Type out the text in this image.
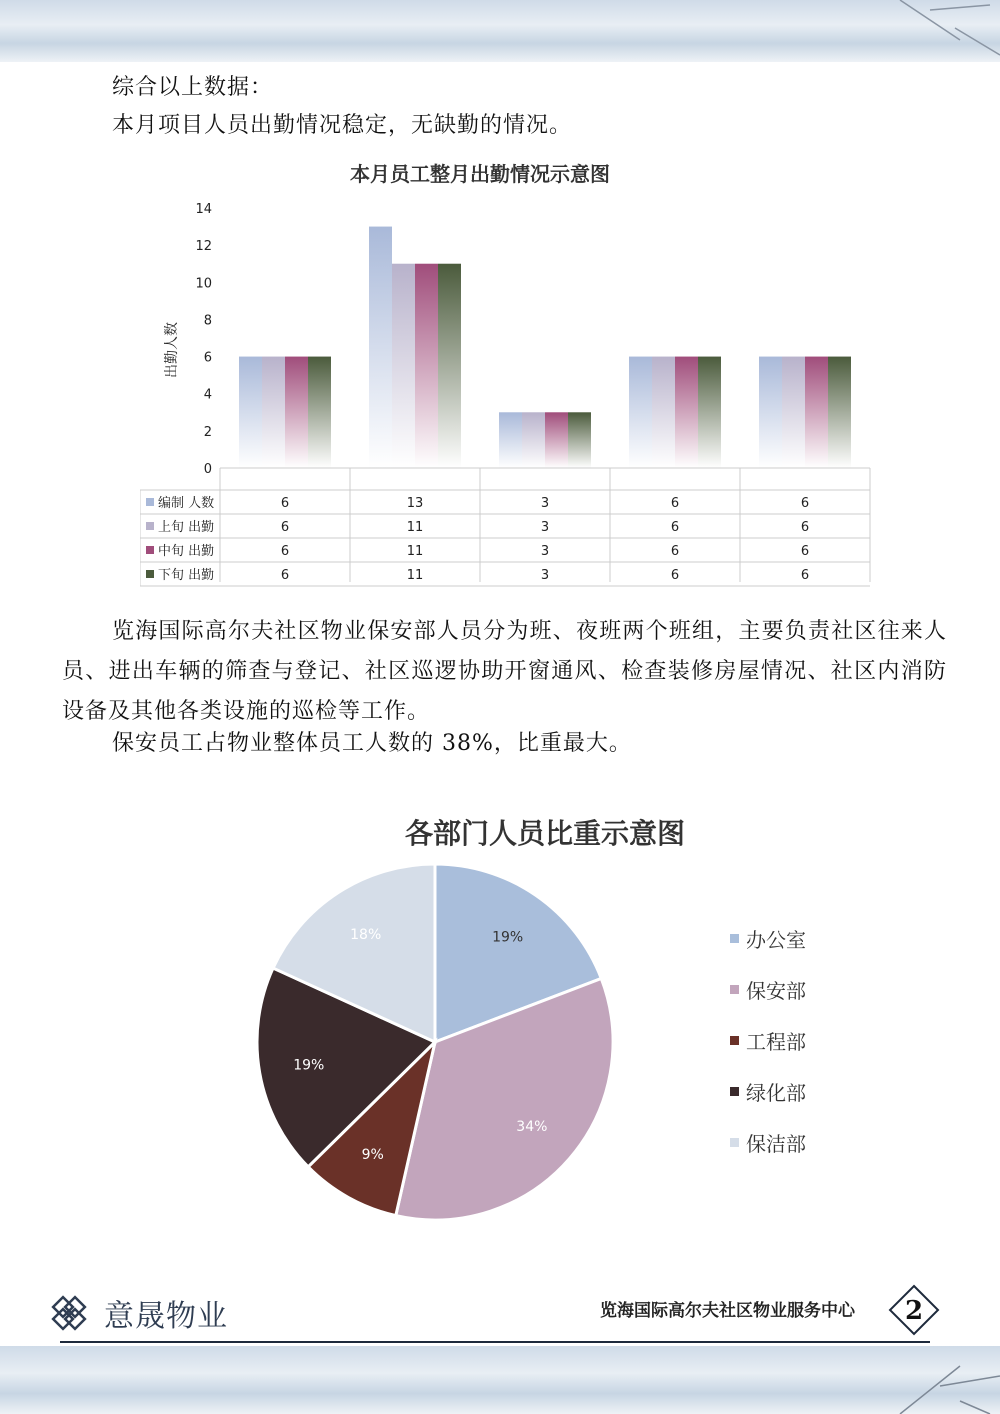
综合以上数据：

本月项目人员出勤情况稳定，无缺勤的情况。

本月员工整月出勤情况示意图
0
2
4
6
8
10
12
14
出勤人数
编制 人数	6	13	3	6	6
上旬 出勤	6	11	3	6	6
中旬 出勤	6	11	3	6	6
下旬 出勤	6	11	3	6	6

览海国际高尔夫社区物业保安部人员分为班、夜班两个班组，主要负责社区往来人员、进出车辆的筛查与登记、社区巡逻协助开窗通风、检查装修房屋情况、社区内消防设备及其他各类设施的巡检等工作。

保安员工占物业整体员工人数的 38%，比重最大。

各部门人员比重示意图
19%
34%
9%
19%
18%	办公室
保安部
工程部
绿化部
保洁部
意晟物业	览海国际高尔夫社区物业服务中心	2
